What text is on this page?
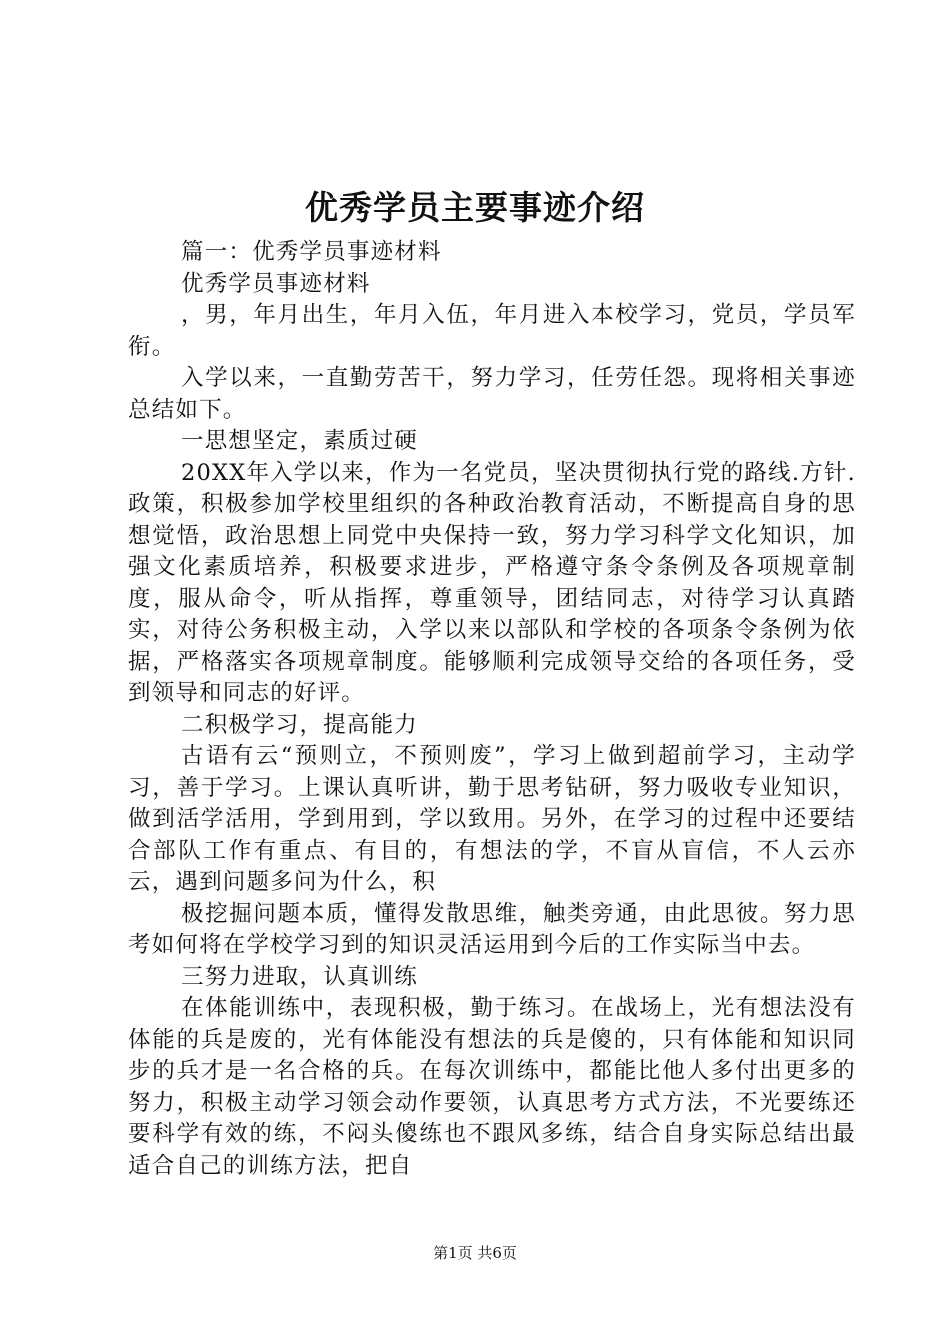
优秀学员主要事迹介绍

篇一：优秀学员事迹材料

优秀学员事迹材料

，男，年月出生，年月入伍，年月进入本校学习，党员，学员军衔。

入学以来，一直勤劳苦干，努力学习，任劳任怨。现将相关事迹总结如下。

一思想坚定，素质过硬

20XX年入学以来，作为一名党员，坚决贯彻执行党的路线.方针.政策，积极参加学校里组织的各种政治教育活动，不断提高自身的思想觉悟，政治思想上同党中央保持一致，努力学习科学文化知识，加强文化素质培养，积极要求进步，严格遵守条令条例及各项规章制度，服从命令，听从指挥，尊重领导，团结同志，对待学习认真踏实，对待公务积极主动，入学以来以部队和学校的各项条令条例为依据，严格落实各项规章制度。能够顺利完成领导交给的各项任务，受到领导和同志的好评。

二积极学习，提高能力

古语有云“预则立，不预则废”，学习上做到超前学习，主动学习，善于学习。上课认真听讲，勤于思考钻研，努力吸收专业知识，做到活学活用，学到用到，学以致用。另外，在学习的过程中还要结合部队工作有重点、有目的，有想法的学，不盲从盲信，不人云亦云，遇到问题多问为什么，积

极挖掘问题本质，懂得发散思维，触类旁通，由此思彼。努力思考如何将在学校学习到的知识灵活运用到今后的工作实际当中去。

三努力进取，认真训练

在体能训练中，表现积极，勤于练习。在战场上，光有想法没有体能的兵是废的，光有体能没有想法的兵是傻的，只有体能和知识同步的兵才是一名合格的兵。在每次训练中，都能比他人多付出更多的努力，积极主动学习领会动作要领，认真思考方式方法，不光要练还要科学有效的练，不闷头傻练也不跟风多练，结合自身实际总结出最适合自己的训练方法，把自

第1页 共6页
